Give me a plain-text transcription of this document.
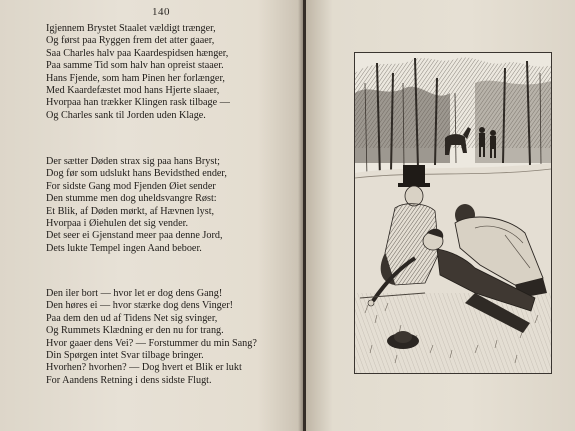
140
Igjennem Brystet Staalet vældigt trænger,
Og først paa Ryggen frem det atter gaaer,
Saa Charles halv paa Kaardespidsen hænger,
Paa samme Tid som halv han opreist staaer.
Hans Fjende, som ham Pinen her forlænger,
Med Kaardefæstet mod hans Hjerte slaaer,
Hvorpaa han trækker Klingen rask tilbage —
Og Charles sank til Jorden uden Klage.
Der sætter Døden strax sig paa hans Bryst;
Dog før som udslukt hans Bevidsthed ender,
For sidste Gang mod Fjenden Øiet sender
Den stumme men dog uheldsvangre Røst:
Et Blik, af Døden mørkt, af Hævnen lyst,
Hvorpaa i Øiehulen det sig vender.
Det seer ei Gjenstand meer paa denne Jord,
Dets lukte Tempel ingen Aand beboer.
Den iler bort — hvor let er dog dens Gang!
Den høres ei — hvor stærke dog dens Vinger!
Paa dem den ud af Tidens Net sig svinger,
Og Rummets Klædning er den nu for trang.
Hvor gaaer dens Vei? — Forstummer du min Sang?
Din Spørgen intet Svar tilbage bringer.
Hvorhen? hvorhen? — Dog hvert et Blik er lukt
For Aandens Retning i dens sidste Flugt.
